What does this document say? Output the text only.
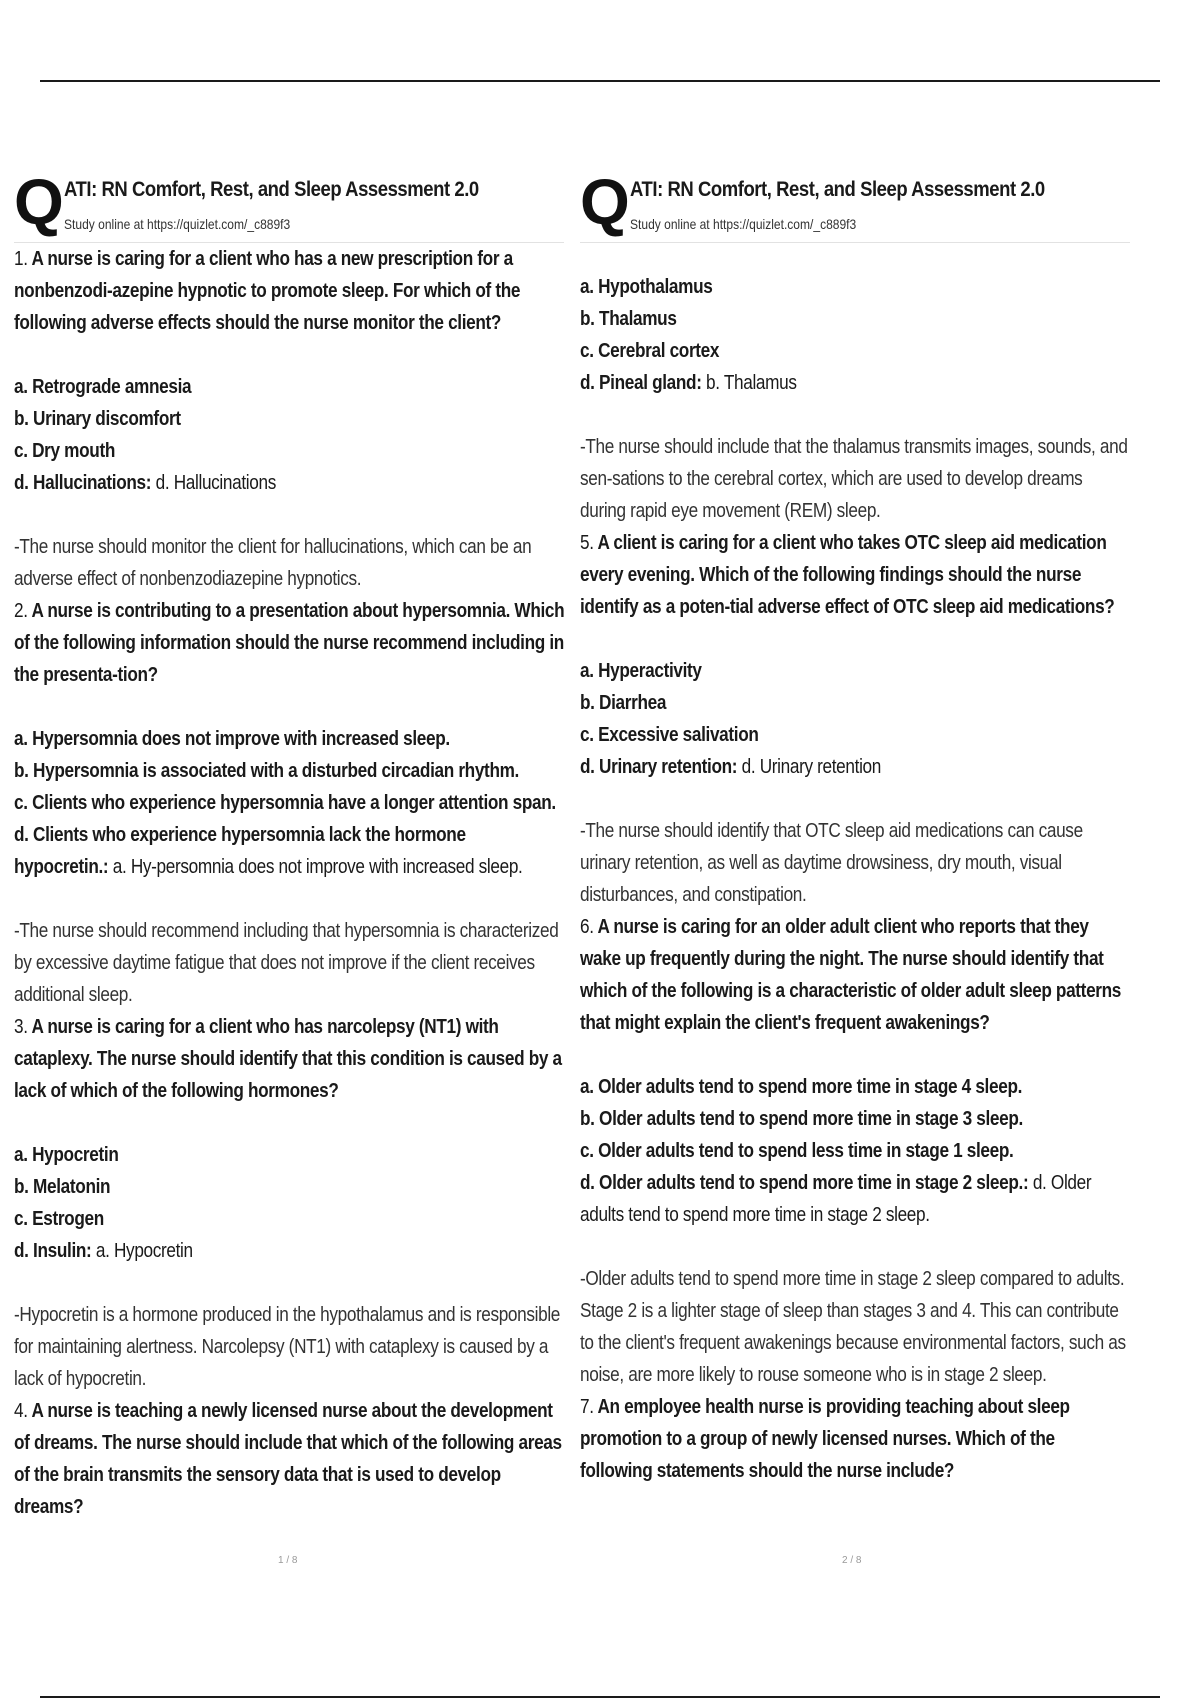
Q ATI: RN Comfort, Rest, and Sleep Assessment 2.0
Study online at https://quizlet.com/_c889f3
1. A nurse is caring for a client who has a new prescription for a nonbenzodi-azepine hypnotic to promote sleep. For which of the following adverse effects should the nurse monitor the client?
a. Retrograde amnesia
b. Urinary discomfort
c. Dry mouth
d. Hallucinations: d. Hallucinations
-The nurse should monitor the client for hallucinations, which can be an adverse effect of nonbenzodiazepine hypnotics.
2. A nurse is contributing to a presentation about hypersomnia. Which of the following information should the nurse recommend including in the presenta-tion?
a. Hypersomnia does not improve with increased sleep.
b. Hypersomnia is associated with a disturbed circadian rhythm.
c. Clients who experience hypersomnia have a longer attention span.
d. Clients who experience hypersomnia lack the hormone hypocretin.: a. Hy-persomnia does not improve with increased sleep.
-The nurse should recommend including that hypersomnia is characterized by excessive daytime fatigue that does not improve if the client receives additional sleep.
3. A nurse is caring for a client who has narcolepsy (NT1) with cataplexy. The nurse should identify that this condition is caused by a lack of which of the following hormones?
a. Hypocretin
b. Melatonin
c. Estrogen
d. Insulin: a. Hypocretin
-Hypocretin is a hormone produced in the hypothalamus and is responsible for maintaining alertness. Narcolepsy (NT1) with cataplexy is caused by a lack of hypocretin.
4. A nurse is teaching a newly licensed nurse about the development of dreams. The nurse should include that which of the following areas of the brain transmits the sensory data that is used to develop dreams?
1 / 8
Q ATI: RN Comfort, Rest, and Sleep Assessment 2.0
Study online at https://quizlet.com/_c889f3
a. Hypothalamus
b. Thalamus
c. Cerebral cortex
d. Pineal gland: b. Thalamus
-The nurse should include that the thalamus transmits images, sounds, and sen-sations to the cerebral cortex, which are used to develop dreams during rapid eye movement (REM) sleep.
5. A client is caring for a client who takes OTC sleep aid medication every evening. Which of the following findings should the nurse identify as a poten-tial adverse effect of OTC sleep aid medications?
a. Hyperactivity
b. Diarrhea
c. Excessive salivation
d. Urinary retention: d. Urinary retention
-The nurse should identify that OTC sleep aid medications can cause urinary retention, as well as daytime drowsiness, dry mouth, visual disturbances, and constipation.
6. A nurse is caring for an older adult client who reports that they wake up frequently during the night. The nurse should identify that which of the following is a characteristic of older adult sleep patterns that might explain the client's frequent awakenings?
a. Older adults tend to spend more time in stage 4 sleep.
b. Older adults tend to spend more time in stage 3 sleep.
c. Older adults tend to spend less time in stage 1 sleep.
d. Older adults tend to spend more time in stage 2 sleep.: d. Older adults tend to spend more time in stage 2 sleep.
-Older adults tend to spend more time in stage 2 sleep compared to adults. Stage 2 is a lighter stage of sleep than stages 3 and 4. This can contribute to the client's frequent awakenings because environmental factors, such as noise, are more likely to rouse someone who is in stage 2 sleep.
7. An employee health nurse is providing teaching about sleep promotion to a group of newly licensed nurses. Which of the following statements should the nurse include?
2 / 8
